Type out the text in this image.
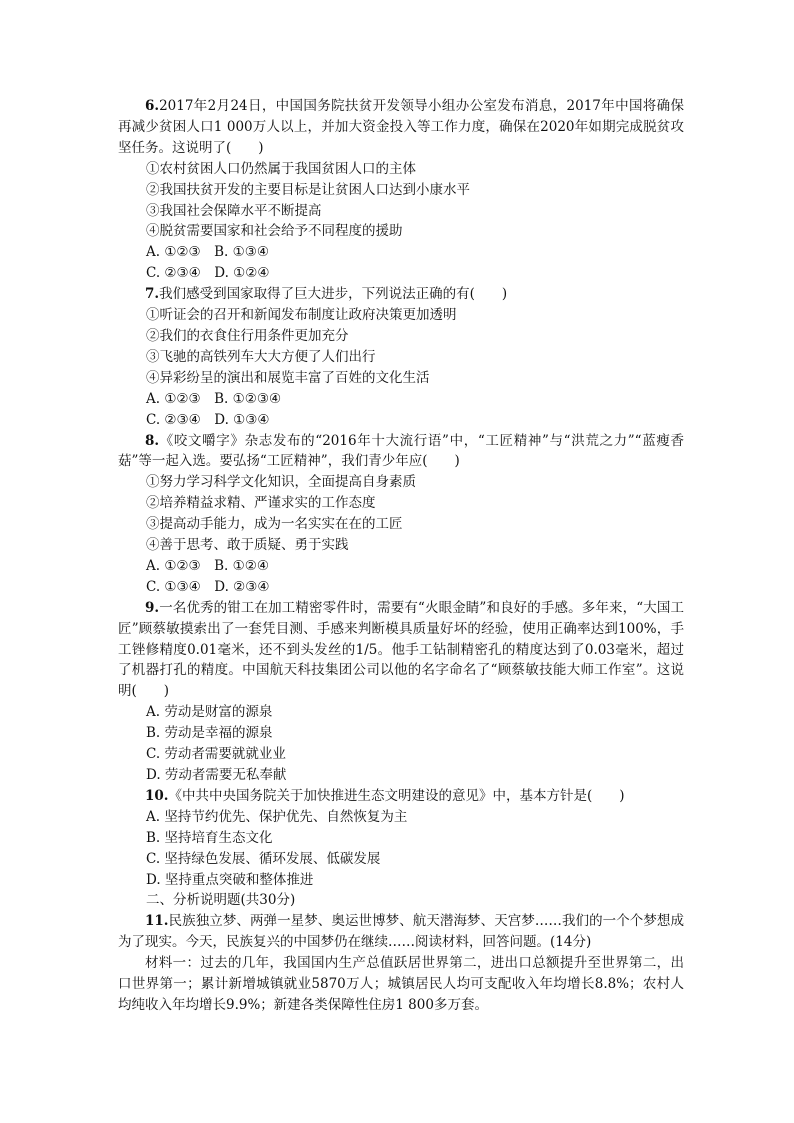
6.2017年2月24日，中国国务院扶贫开发领导小组办公室发布消息，2017年中国将确保再减少贫困人口1 000万人以上，并加大资金投入等工作力度，确保在2020年如期完成脱贫攻坚任务。这说明了(　　)

①农村贫困人口仍然属于我国贫困人口的主体

②我国扶贫开发的主要目标是让贫困人口达到小康水平

③我国社会保障水平不断提高

④脱贫需要国家和社会给予不同程度的援助

A. ①②③　B. ①③④

C. ②③④　D. ①②④

7.我们感受到国家取得了巨大进步，下列说法正确的有(　　)

①听证会的召开和新闻发布制度让政府决策更加透明

②我们的衣食住行用条件更加充分

③飞驰的高铁列车大大方便了人们出行

④异彩纷呈的演出和展览丰富了百姓的文化生活

A. ①②③　B. ①②③④

C. ②③④　D. ①③④

8.《咬文嚼字》杂志发布的“2016年十大流行语”中，“工匠精神”与“洪荒之力”“蓝瘦香菇”等一起入选。要弘扬“工匠精神”，我们青少年应(　　)

①努力学习科学文化知识，全面提高自身素质

②培养精益求精、严谨求实的工作态度

③提高动手能力，成为一名实实在在的工匠

④善于思考、敢于质疑、勇于实践

A. ①②③　B. ①②④

C. ①③④　D. ②③④

9.一名优秀的钳工在加工精密零件时，需要有“火眼金睛”和良好的手感。多年来，“大国工匠”顾蔡敏摸索出了一套凭目测、手感来判断模具质量好坏的经验，使用正确率达到100%，手工锉修精度0.01毫米，还不到头发丝的1/5。他手工钻制精密孔的精度达到了0.03毫米，超过了机器打孔的精度。中国航天科技集团公司以他的名字命名了“顾蔡敏技能大师工作室”。这说明(　　)

A. 劳动是财富的源泉

B. 劳动是幸福的源泉

C. 劳动者需要就就业业

D. 劳动者需要无私奉献

10.《中共中央国务院关于加快推进生态文明建设的意见》中，基本方针是(　　)

A. 坚持节约优先、保护优先、自然恢复为主

B. 坚持培育生态文化

C. 坚持绿色发展、循环发展、低碳发展

D. 坚持重点突破和整体推进

二、分析说明题(共30分)

11.民族独立梦、两弹一星梦、奥运世博梦、航天潜海梦、天宫梦……我们的一个个梦想成为了现实。今天，民族复兴的中国梦仍在继续……阅读材料，回答问题。(14分)

材料一：过去的几年，我国国内生产总值跃居世界第二，进出口总额提升至世界第二，出口世界第一；累计新增城镇就业5870万人；城镇居民人均可支配收入年均增长8.8%；农村人均纯收入年均增长9.9%；新建各类保障性住房1 800多万套。
